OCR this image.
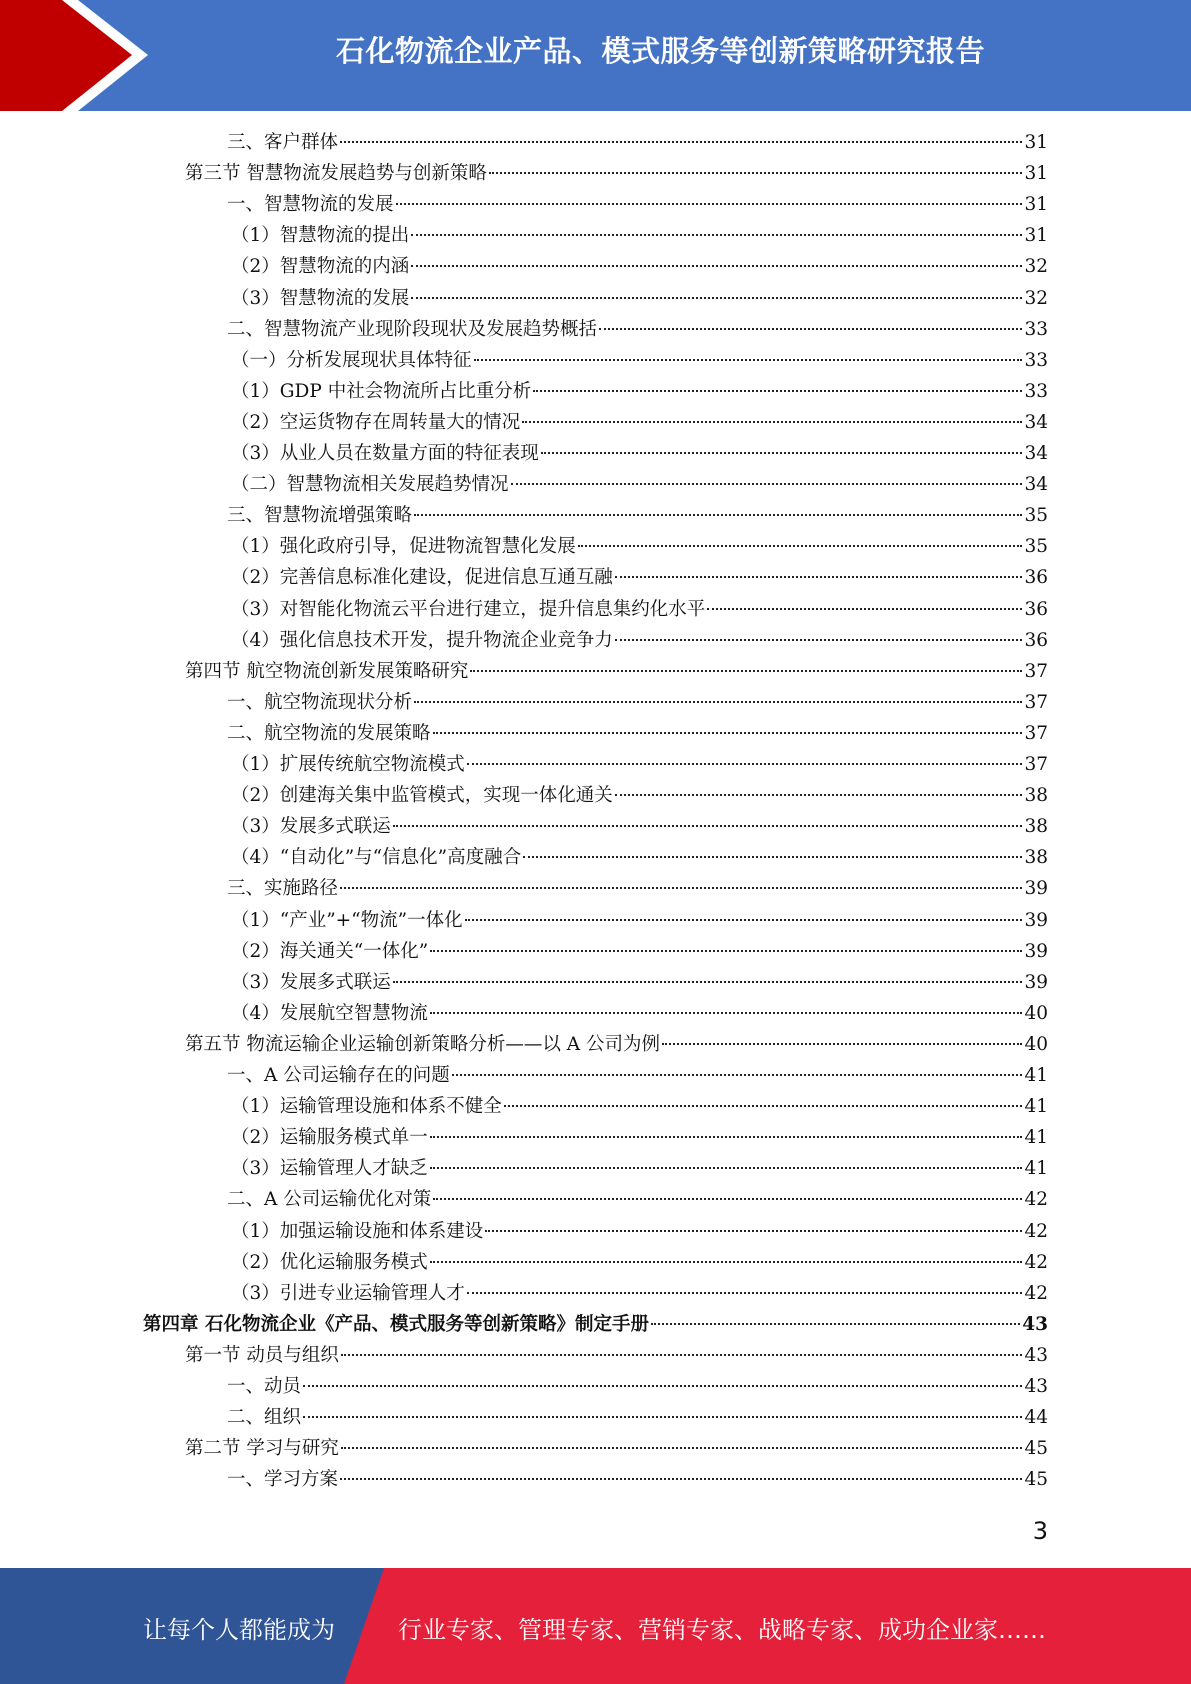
石化物流企业产品、模式服务等创新策略研究报告
三、客户群体	31
第三节 智慧物流发展趋势与创新策略	31
一、智慧物流的发展	31
（1）智慧物流的提出	31
（2）智慧物流的内涵	32
（3）智慧物流的发展	32
二、智慧物流产业现阶段现状及发展趋势概括	33
（一）分析发展现状具体特征	33
（1）GDP 中社会物流所占比重分析	33
（2）空运货物存在周转量大的情况	34
（3）从业人员在数量方面的特征表现	34
（二）智慧物流相关发展趋势情况	34
三、智慧物流增强策略	35
（1）强化政府引导，促进物流智慧化发展	35
（2）完善信息标准化建设，促进信息互通互融	36
（3）对智能化物流云平台进行建立，提升信息集约化水平	36
（4）强化信息技术开发，提升物流企业竞争力	36
第四节 航空物流创新发展策略研究	37
一、航空物流现状分析	37
二、航空物流的发展策略	37
（1）扩展传统航空物流模式	37
（2）创建海关集中监管模式，实现一体化通关	38
（3）发展多式联运	38
（4）“自动化”与“信息化”高度融合	38
三、实施路径	39
（1）“产业”+“物流”一体化	39
（2）海关通关“一体化”	39
（3）发展多式联运	39
（4）发展航空智慧物流	40
第五节 物流运输企业运输创新策略分析——以 A 公司为例	40
一、A 公司运输存在的问题	41
（1）运输管理设施和体系不健全	41
（2）运输服务模式单一	41
（3）运输管理人才缺乏	41
二、A 公司运输优化对策	42
（1）加强运输设施和体系建设	42
（2）优化运输服务模式	42
（3）引进专业运输管理人才	42
第四章 石化物流企业《产品、模式服务等创新策略》制定手册	43
第一节 动员与组织	43
一、动员	43
二、组织	44
第二节 学习与研究	45
一、学习方案	45
3
让每个人都能成为	行业专家、管理专家、营销专家、战略专家、成功企业家……
